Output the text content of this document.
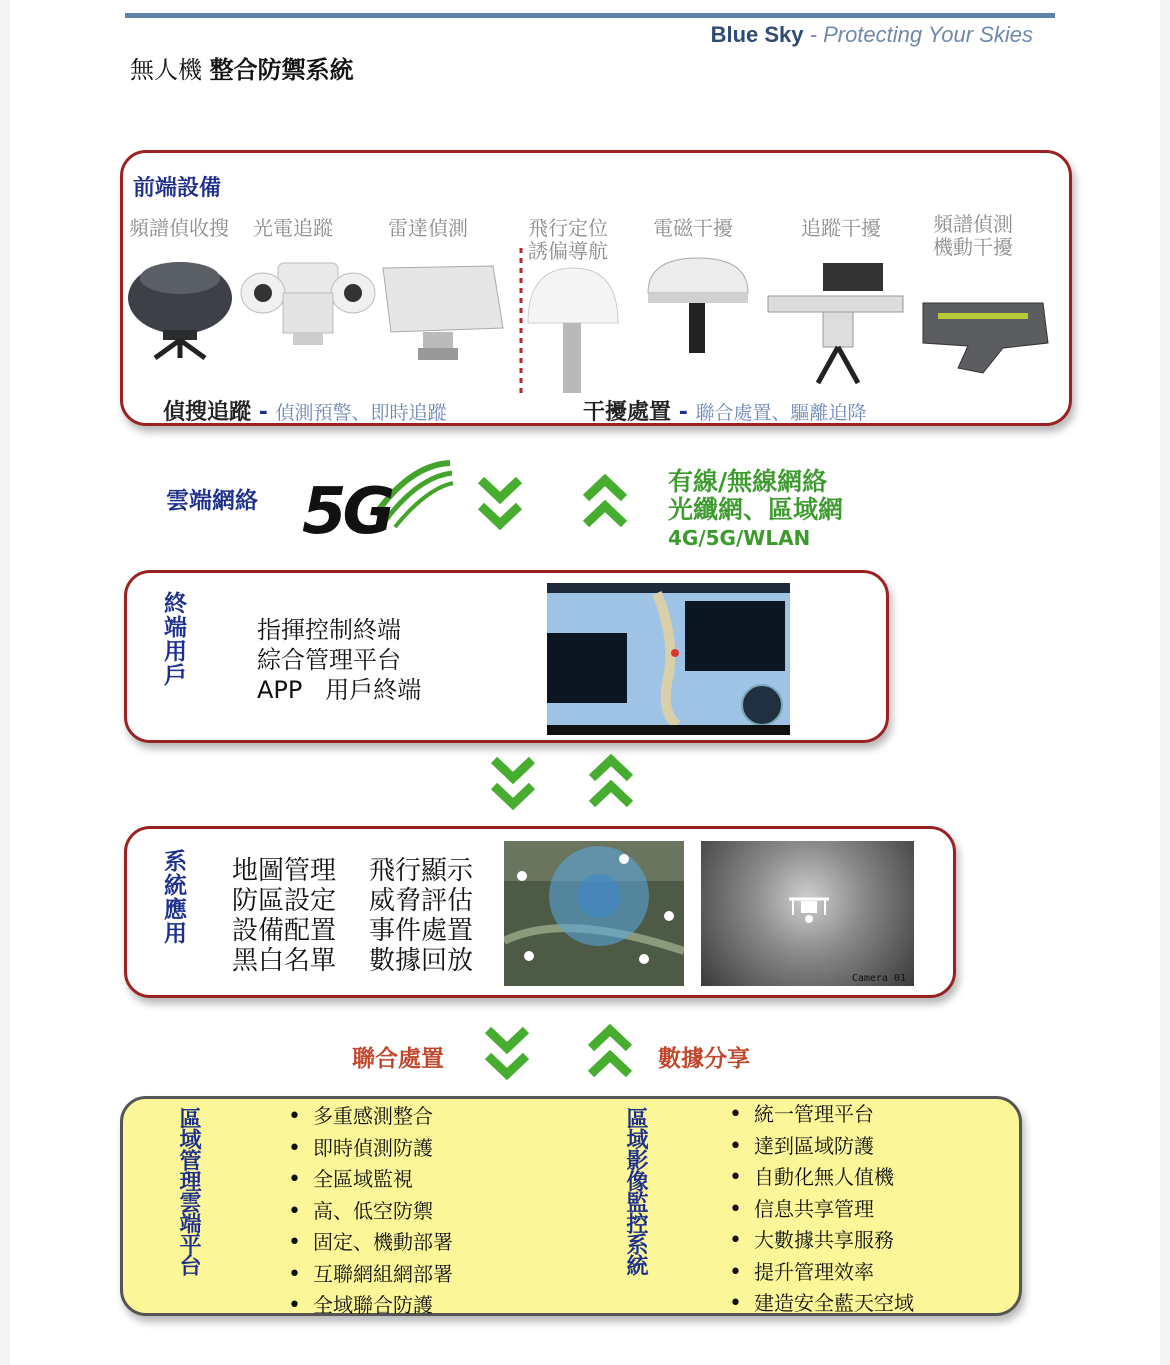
Blue Sky - Protecting Your Skies
無人機 整合防禦系統
前端設備
頻譜偵收搜 光電追蹤	雷達偵測	飛行定位
誘偏導航
電磁干擾	追蹤干擾	頻譜偵測
機動干擾
偵搜追蹤 - 偵測預警、即時追蹤	干擾處置 - 聯合處置、驅離迫降
雲端網絡 5G	有線/無線網絡
光纖網、區域網
4G/5G/WLAN
終端用戶	指揮控制終端
綜合管理平台
APP   用戶終端
系統應用 地圖管理
防區設定
設備配置
黑白名單
飛行顯示
威脅評估
事件處置
數據回放
Camera 01
聯合處置	數據分享
區域管理雲端平台	• 多重感測整合
• 即時偵測防護
• 全區域監視
• 高、低空防禦
• 固定、機動部署
• 互聯網組網部署
• 全域聯合防護
區域影像監控系統	• 統一管理平台
• 達到區域防護
• 自動化無人值機
• 信息共享管理
• 大數據共享服務
• 提升管理效率
• 建造安全藍天空域
